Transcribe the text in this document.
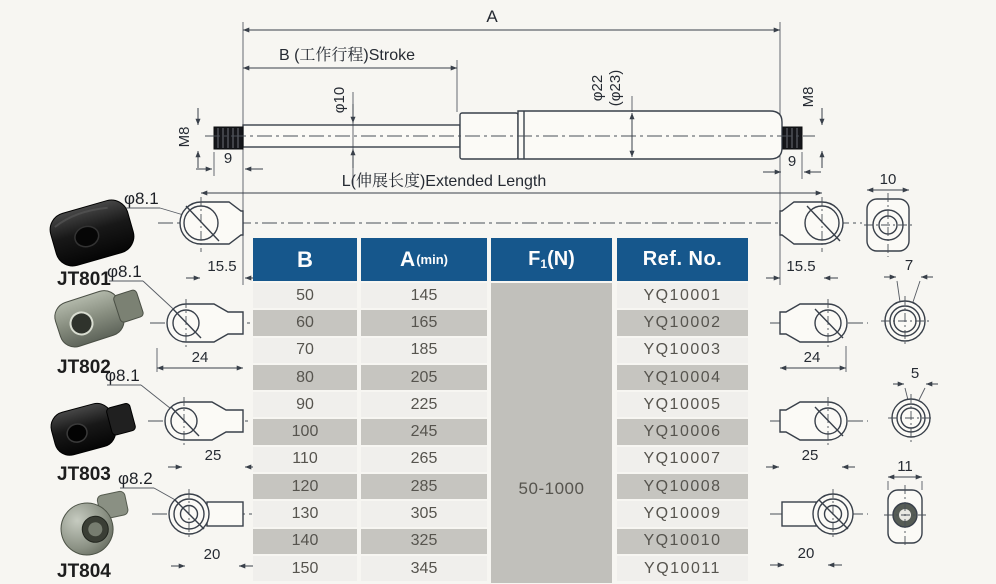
A
B (工作行程)Stroke
L(伸展长度)Extended Length
φ10	φ22 (φ23)
M8
9
M8
9
JT801
JT802
JT803
JT804
φ8.1
φ8.1
φ8.1
φ8.2
15.5
24
25
20
15.5
10
24
7
25
5
20
11
B
50
60
70
80
90
100
110
120
130
140
150
A (min)
145
165
185
205
225
245
265
285
305
325
345
F 1 (N)
50-1000
Ref. No.
YQ10001
YQ10002
YQ10003
YQ10004
YQ10005
YQ10006
YQ10007
YQ10008
YQ10009
YQ10010
YQ10011
